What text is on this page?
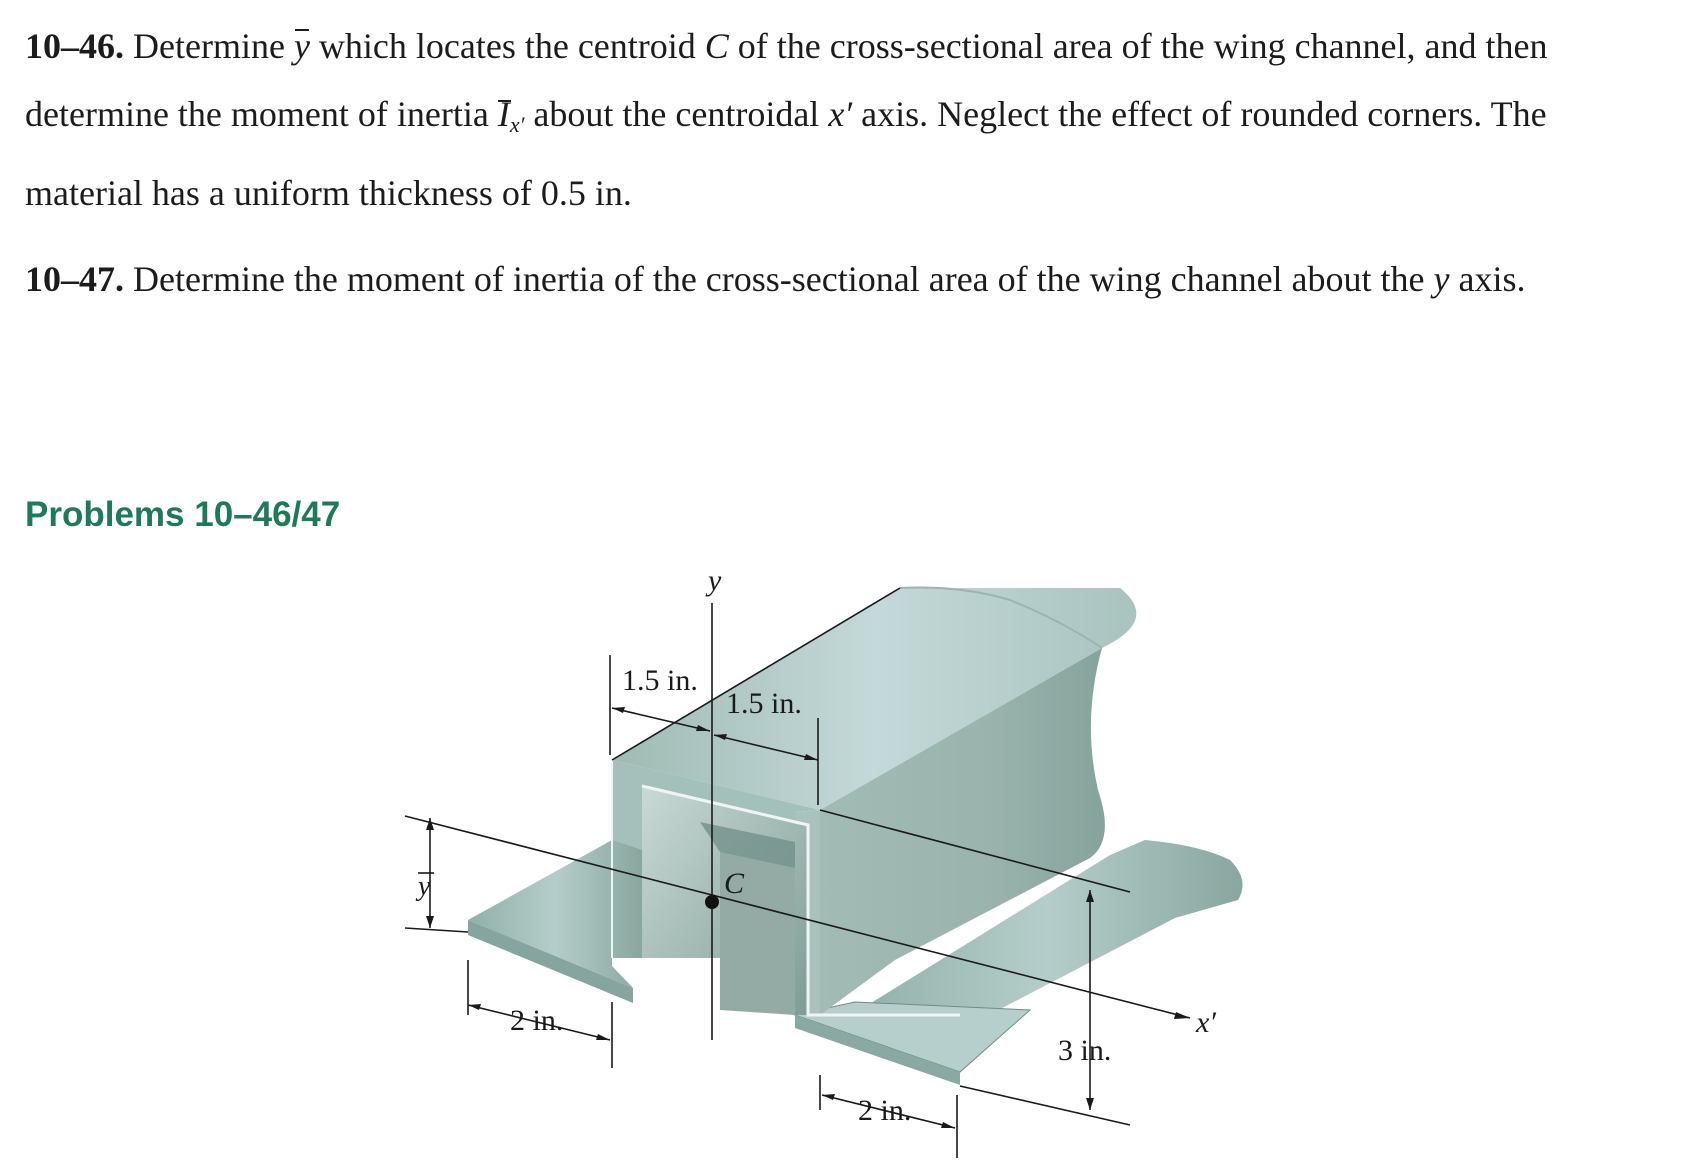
10–46. Determine y which locates the centroid C of the cross-sectional area of the wing channel, and then determine the moment of inertia $I_{x'}$ about the centroidal x′ axis. Neglect the effect of rounded corners. The material has a uniform thickness of 0.5 in.
10–47. Determine the moment of inertia of the cross-sectional area of the wing channel about the y axis.
Problems 10–46/47
y
x′
C
y
1.5 in.
1.5 in.
2 in.
2 in.
3 in.
